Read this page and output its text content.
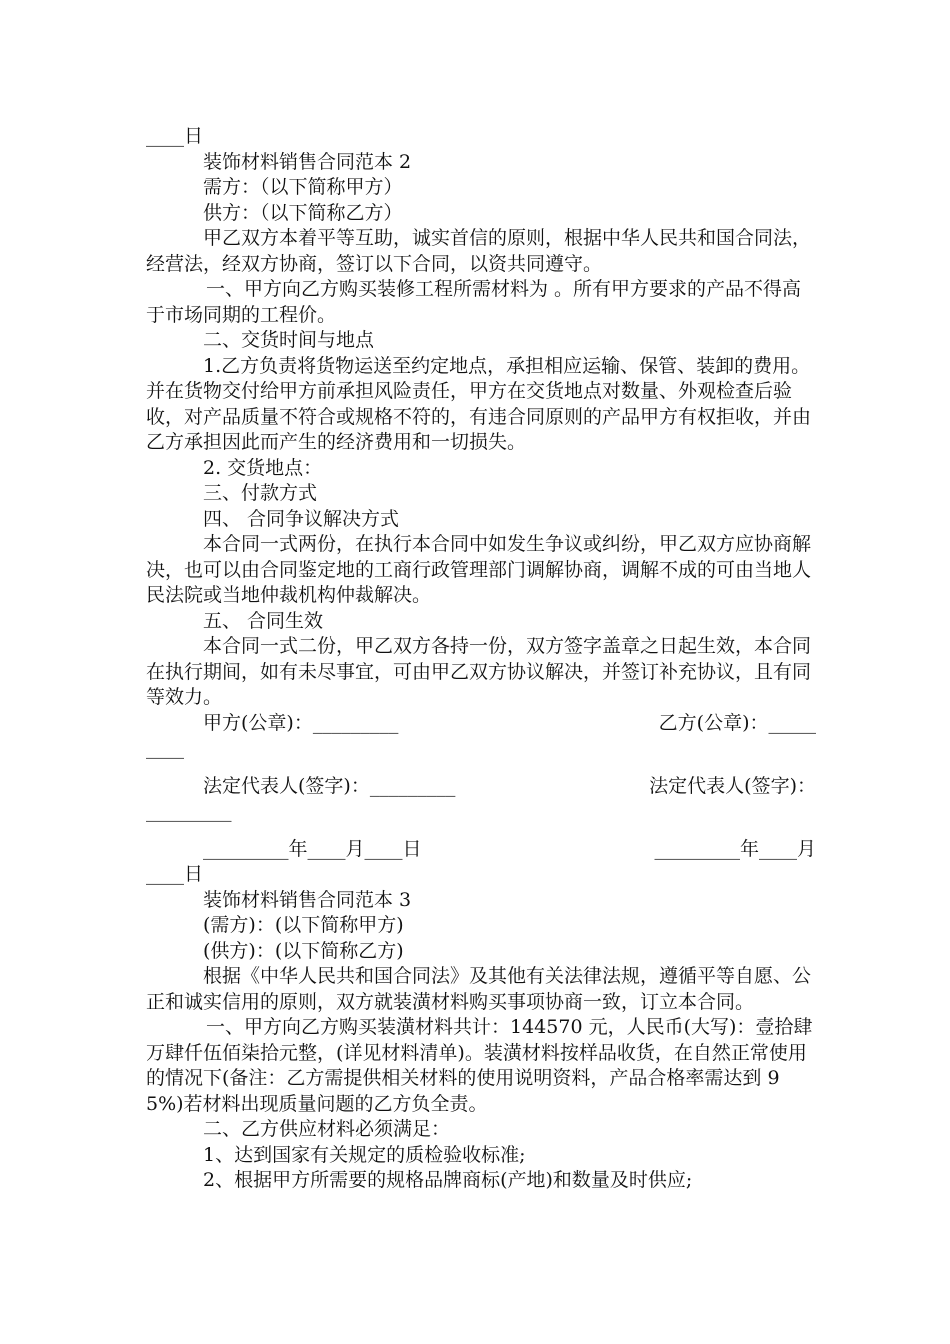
____日
装饰材料销售合同范本 2
需方：（以下简称甲方）
供方：（以下简称乙方）
甲乙双方本着平等互助，诚实首信的原则，根据中华人民共和国合同法，经营法，经双方协商，签订以下合同，以资共同遵守。
一、甲方向乙方购买装修工程所需材料为 。所有甲方要求的产品不得高于市场同期的工程价。
二、交货时间与地点
1.乙方负责将货物运送至约定地点，承担相应运输、保管、装卸的费用。并在货物交付给甲方前承担风险责任，甲方在交货地点对数量、外观检查后验收，对产品质量不符合或规格不符的，有违合同原则的产品甲方有权拒收，并由乙方承担因此而产生的经济费用和一切损失。
2. 交货地点：
三、付款方式
四、 合同争议解决方式
本合同一式两份，在执行本合同中如发生争议或纠纷，甲乙双方应协商解决，也可以由合同鉴定地的工商行政管理部门调解协商，调解不成的可由当地人民法院或当地仲裁机构仲裁解决。
五、 合同生效
本合同一式二份，甲乙双方各持一份，双方签字盖章之日起生效，本合同在执行期间，如有未尽事宜，可由甲乙双方协议解决，并签订补充协议，且有同等效力。
甲方(公章)：_________	乙方(公章)：_____
____
法定代表人(签字)：_________	法定代表人(签字)：
_________
_________年____月____日	_________年____月
____日
装饰材料销售合同范本 3
(需方)：(以下简称甲方)
(供方)：(以下简称乙方)
根据《中华人民共和国合同法》及其他有关法律法规，遵循平等自愿、公正和诚实信用的原则，双方就装潢材料购买事项协商一致，订立本合同。
一、甲方向乙方购买装潢材料共计：144570 元，人民币(大写)：壹拾肆万肆仟伍佰柒拾元整，(详见材料清单)。装潢材料按样品收货，在自然正常使用的情况下(备注：乙方需提供相关材料的使用说明资料，产品合格率需达到 95%)若材料出现质量问题的乙方负全责。
二、乙方供应材料必须满足：
1、达到国家有关规定的质检验收标准;
2、根据甲方所需要的规格品牌商标(产地)和数量及时供应;
